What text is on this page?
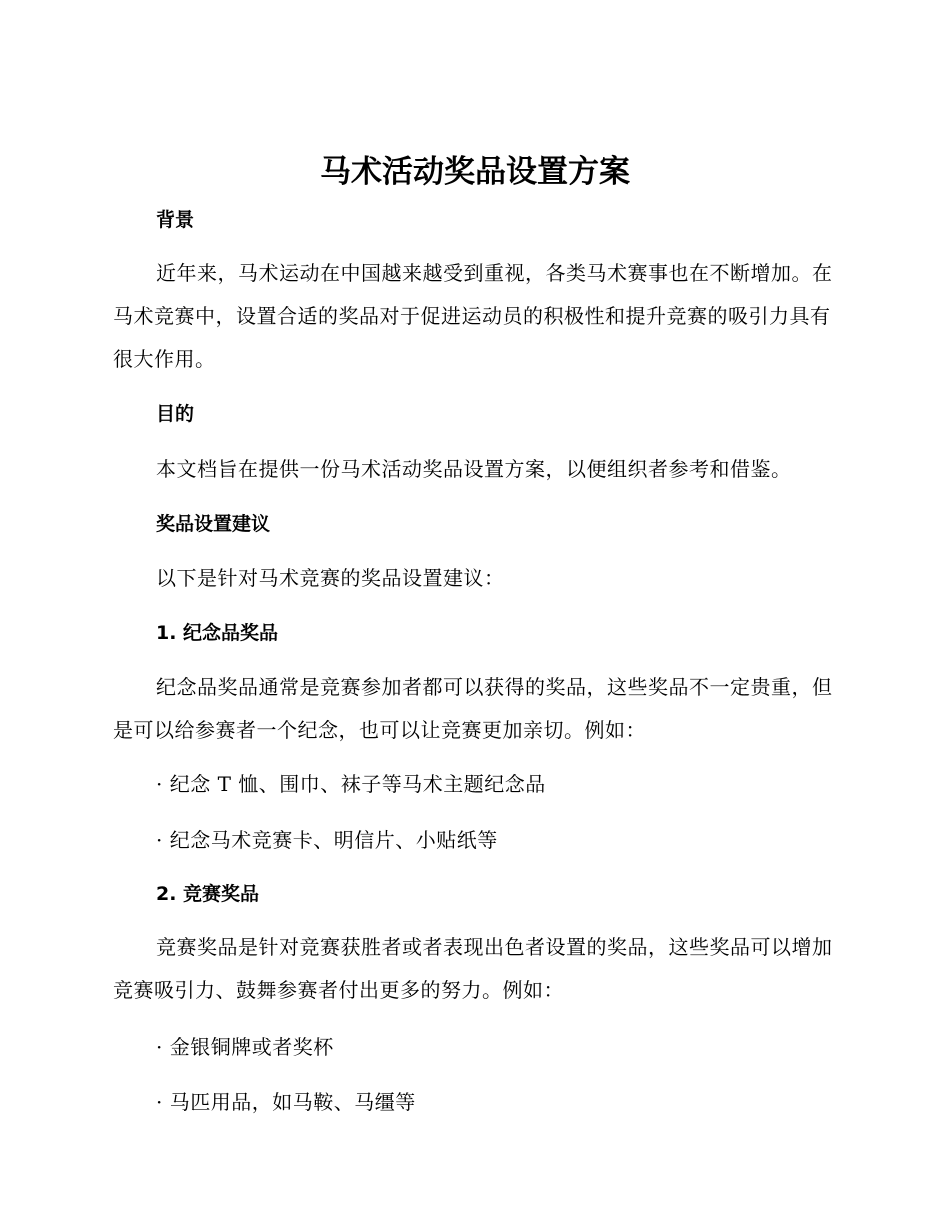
马术活动奖品设置方案
背景

近年来，马术运动在中国越来越受到重视，各类马术赛事也在不断增加。在马术竞赛中，设置合适的奖品对于促进运动员的积极性和提升竞赛的吸引力具有很大作用。

目的

本文档旨在提供一份马术活动奖品设置方案，以便组织者参考和借鉴。

奖品设置建议

以下是针对马术竞赛的奖品设置建议：

1. 纪念品奖品

纪念品奖品通常是竞赛参加者都可以获得的奖品，这些奖品不一定贵重，但是可以给参赛者一个纪念，也可以让竞赛更加亲切。例如：

· 纪念 T 恤、围巾、袜子等马术主题纪念品

· 纪念马术竞赛卡、明信片、小贴纸等

2. 竞赛奖品

竞赛奖品是针对竞赛获胜者或者表现出色者设置的奖品，这些奖品可以增加竞赛吸引力、鼓舞参赛者付出更多的努力。例如：

· 金银铜牌或者奖杯

· 马匹用品，如马鞍、马缰等
